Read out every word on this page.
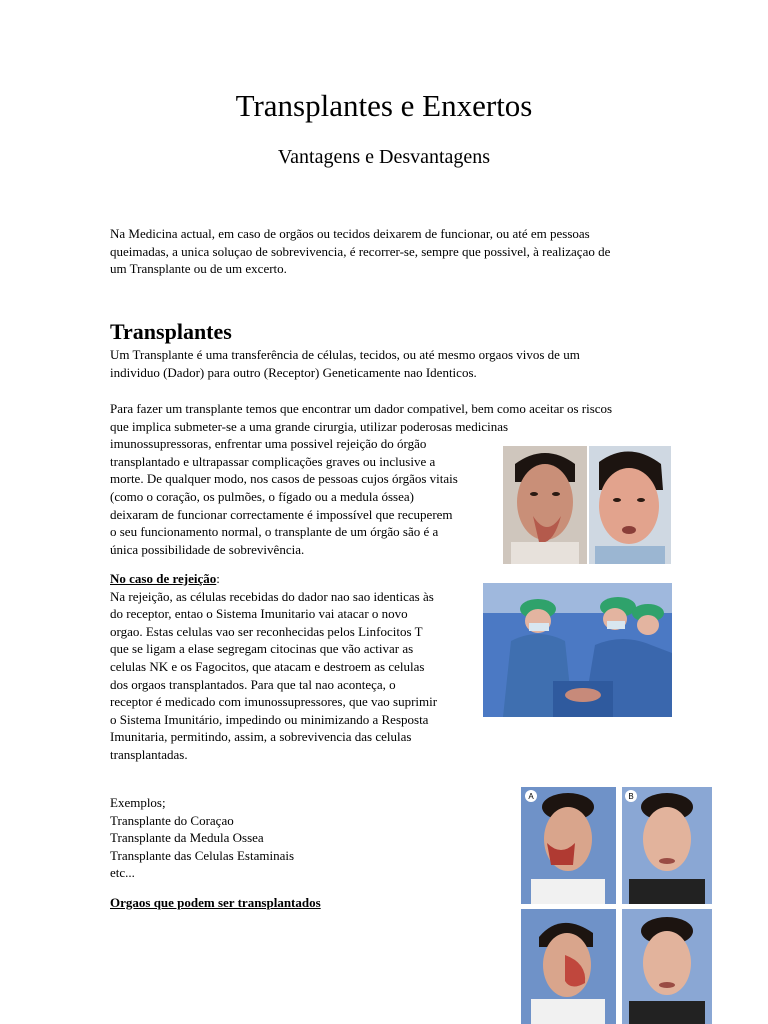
Transplantes e Enxertos
Vantagens e Desvantagens

Na Medicina actual, em caso de orgãos ou tecidos deixarem de funcionar, ou até em pessoas
queimadas, a unica soluçao de sobrevivencia, é recorrer-se, sempre que possivel, à realizaçao de
um Transplante ou de um excerto.

Transplantes

Um Transplante é uma transferência de células, tecidos, ou até mesmo orgaos vivos de um
individuo (Dador) para outro (Receptor) Geneticamente nao Identicos.

Para fazer um transplante temos que encontrar um dador compativel, bem como aceitar os riscos
que implica submeter-se a uma grande cirurgia, utilizar poderosas medicinas
imunossupressoras, enfrentar uma possivel rejeição do órgão
transplantado e ultrapassar complicações graves ou inclusive a
morte. De qualquer modo, nos casos de pessoas cujos órgãos vitais
(como o coração, os pulmões, o fígado ou a medula óssea)
deixaram de funcionar correctamente é impossível que recuperem
o seu funcionamento normal, o transplante de um órgão são é a
única possibilidade de sobrevivência.

No caso de rejeição:
Na rejeição, as células recebidas do dador nao sao identicas às
do receptor, entao o Sistema Imunitario vai atacar o novo
orgao. Estas celulas vao ser reconhecidas pelos Linfocitos T
que se ligam a elase segregam citocinas que vão activar as
celulas NK e os Fagocitos, que atacam e destroem as celulas
dos orgaos transplantados. Para que tal nao aconteça, o
receptor é medicado com imunossupressores, que vao suprimir
o Sistema Imunitário, impedindo ou minimizando a Resposta
Imunitaria, permitindo, assim, a sobrevivencia das celulas
transplantadas.

Exemplos;
Transplante do Coraçao
Transplante da Medula Ossea
Transplante das Celulas Estaminais
etc...

Orgaos que podem ser transplantados

A	B
